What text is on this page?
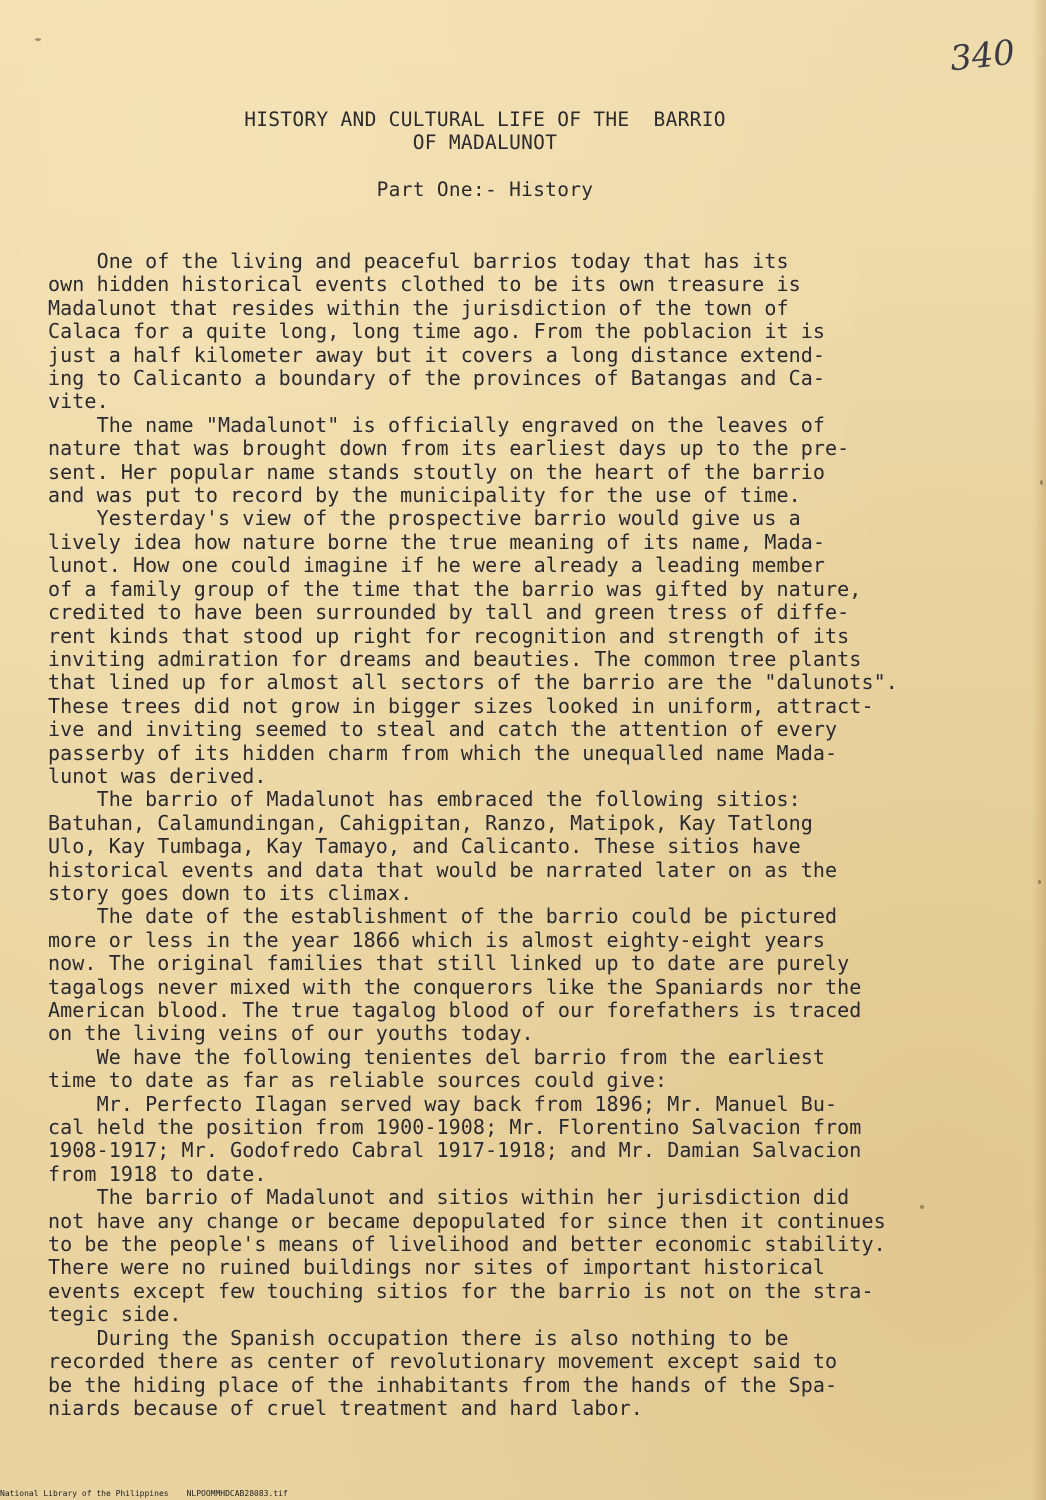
340
HISTORY AND CULTURAL LIFE OF THE  BARRIO
OF MADALUNOT
Part One:- History
One of the living and peaceful barrios today that has its
own hidden historical events clothed to be its own treasure is
Madalunot that resides within the jurisdiction of the town of
Calaca for a quite long, long time ago. From the poblacion it is
just a half kilometer away but it covers a long distance extend-
ing to Calicanto a boundary of the provinces of Batangas and Ca-
vite.
The name "Madalunot" is officially engraved on the leaves of
nature that was brought down from its earliest days up to the pre-
sent. Her popular name stands stoutly on the heart of the barrio
and was put to record by the municipality for the use of time.
Yesterday's view of the prospective barrio would give us a
lively idea how nature borne the true meaning of its name, Mada-
lunot. How one could imagine if he were already a leading member
of a family group of the time that the barrio was gifted by nature,
credited to have been surrounded by tall and green tress of diffe-
rent kinds that stood up right for recognition and strength of its
inviting admiration for dreams and beauties. The common tree plants
that lined up for almost all sectors of the barrio are the "dalunots".
These trees did not grow in bigger sizes looked in uniform, attract-
ive and inviting seemed to steal and catch the attention of every
passerby of its hidden charm from which the unequalled name Mada-
lunot was derived.
The barrio of Madalunot has embraced the following sitios:
Batuhan, Calamundingan, Cahigpitan, Ranzo, Matipok, Kay Tatlong
Ulo, Kay Tumbaga, Kay Tamayo, and Calicanto. These sitios have
historical events and data that would be narrated later on as the
story goes down to its climax.
The date of the establishment of the barrio could be pictured
more or less in the year 1866 which is almost eighty-eight years
now. The original families that still linked up to date are purely
tagalogs never mixed with the conquerors like the Spaniards nor the
American blood. The true tagalog blood of our forefathers is traced
on the living veins of our youths today.
We have the following tenientes del barrio from the earliest
time to date as far as reliable sources could give:
Mr. Perfecto Ilagan served way back from 1896; Mr. Manuel Bu-
cal held the position from 1900-1908; Mr. Florentino Salvacion from
1908-1917; Mr. Godofredo Cabral 1917-1918; and Mr. Damian Salvacion
from 1918 to date.
The barrio of Madalunot and sitios within her jurisdiction did
not have any change or became depopulated for since then it continues
to be the people's means of livelihood and better economic stability.
There were no ruined buildings nor sites of important historical
events except few touching sitios for the barrio is not on the stra-
tegic side.
During the Spanish occupation there is also nothing to be
recorded there as center of revolutionary movement except said to
be the hiding place of the inhabitants from the hands of the Spa-
niards because of cruel treatment and hard labor.
National Library of the Philippines NLPOOMMHDCAB28083.tif
